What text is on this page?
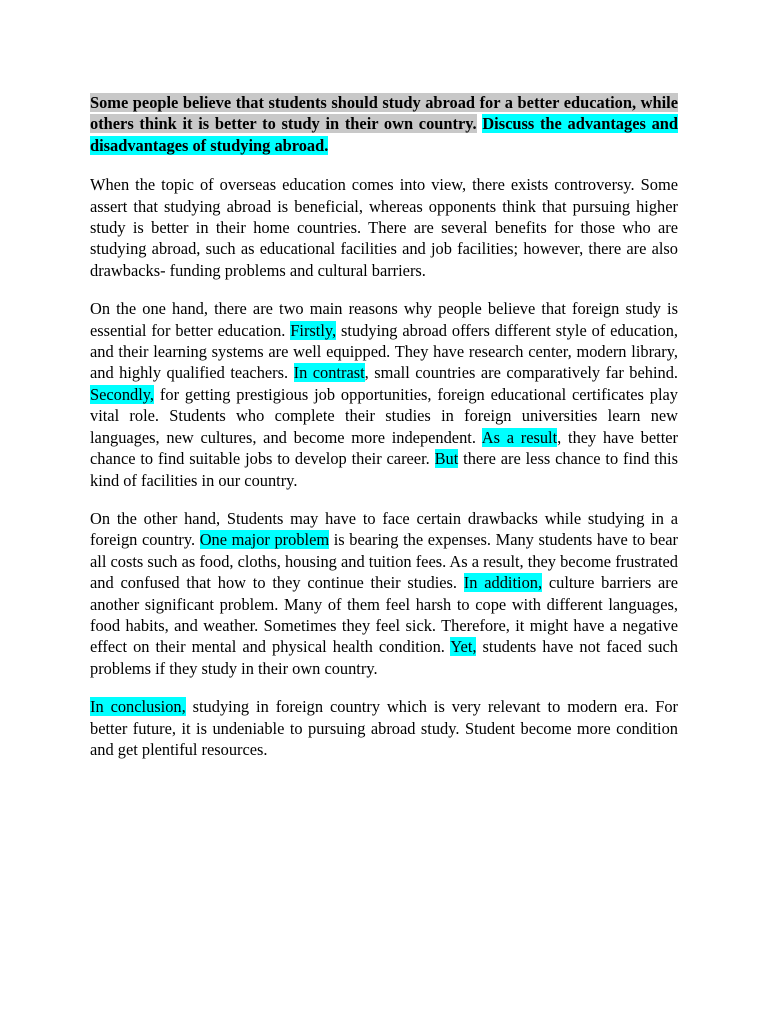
Some people believe that students should study abroad for a better education, while others think it is better to study in their own country. Discuss the advantages and disadvantages of studying abroad.

When the topic of overseas education comes into view, there exists controversy. Some assert that studying abroad is beneficial, whereas opponents think that pursuing higher study is better in their home countries. There are several benefits for those who are studying abroad, such as educational facilities and job facilities; however, there are also drawbacks- funding problems and cultural barriers.

On the one hand, there are two main reasons why people believe that foreign study is essential for better education. Firstly, studying abroad offers different style of education, and their learning systems are well equipped. They have research center, modern library, and highly qualified teachers. In contrast, small countries are comparatively far behind. Secondly, for getting prestigious job opportunities, foreign educational certificates play vital role. Students who complete their studies in foreign universities learn new languages, new cultures, and become more independent. As a result, they have better chance to find suitable jobs to develop their career. But there are less chance to find this kind of facilities in our country.

On the other hand, Students may have to face certain drawbacks while studying in a foreign country. One major problem is bearing the expenses. Many students have to bear all costs such as food, cloths, housing and tuition fees. As a result, they become frustrated and confused that how to they continue their studies. In addition, culture barriers are another significant problem. Many of them feel harsh to cope with different languages, food habits, and weather. Sometimes they feel sick. Therefore, it might have a negative effect on their mental and physical health condition. Yet, students have not faced such problems if they study in their own country.

In conclusion, studying in foreign country which is very relevant to modern era. For better future, it is undeniable to pursuing abroad study. Student become more condition and get plentiful resources.
